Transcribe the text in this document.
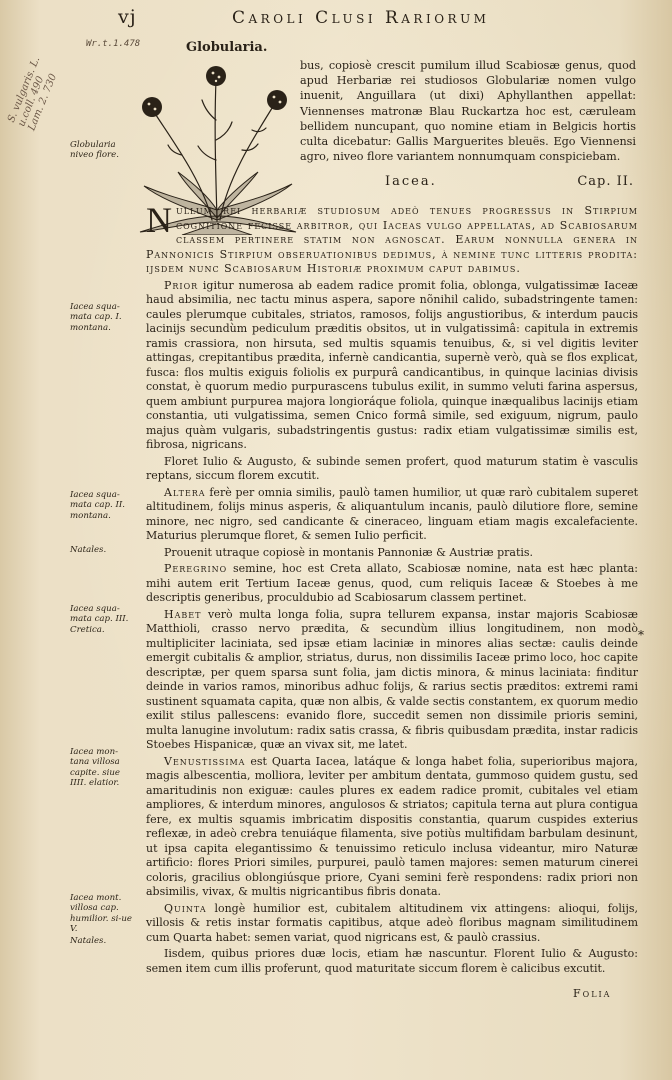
vj	Caroli Clusi Rariorum
Wr.t.1.478
S. vulgaris. L.
u.coll. 490
Lam. 2. 730
Globularia.
Globularia niveo flore.

bus, copiosè crescit pumilum illud Scabiosæ genus, quod apud Herbariæ rei studiosos Globulariæ nomen vulgo inuenit, Anguillara (ut dixi) Aphyllanthen appellat: Viennenses matronæ Blau Ruckartza hoc est, cæruleam bellidem nuncupant, quo nomine etiam in Belgicis hortis culta dicebatur: Gallis Marguerites bleuës. Ego Viennensi agro, niveo flore variantem nonnumquam conspiciebam.

Iacea.	Cap. II.
Iacea squa-mata cap. I. montana.
Iacea squa-mata cap. II. montana.
Natales.
Iacea squa-mata cap. III. Cretica.
Iacea mon-tana villosa capite. siue IIII. elatior.
Iacea mont. villosa cap. humilior. si-ue V.
Natales.

Nullum rei herbariæ studiosum adeò tenues progressus in Stirpium cognitione fecisse arbitror, qui Iaceas vulgo appellatas, ad Scabiosarum classem pertinere statim non agnoscat. Earum nonnulla genera in Pannonicis Stirpium obseruationibus dedimus, à nemine tunc litteris prodita: ijsdem nunc Scabiosarum Historiæ proximum caput dabimus.

Prior igitur numerosa ab eadem radice promit folia, oblonga, vulgatissimæ Iaceæ haud absimilia, nec tactu minus aspera, sapore nõnihil calido, subadstringente tamen: caules plerumque cubitales, striatos, ramosos, folijs angustioribus, & interdum paucis lacinijs secundùm pediculum præditis obsitos, ut in vulgatissimâ: capitula in extremis ramis crassiora, non hirsuta, sed multis squamis tenuibus, &, si vel digitis leviter attingas, crepitantibus prædita, infernè candicantia, supernè verò, quà se flos explicat, fusca: flos multis exiguis foliolis ex purpurâ candicantibus, in quinque lacinias divisis constat, è quorum medio purpurascens tubulus exilit, in summo veluti farina aspersus, quem ambiunt purpurea majora longioráque foliola, quinque inæqualibus lacinijs etiam constantia, uti vulgatissima, semen Cnico formâ simile, sed exiguum, nigrum, paulo majus quàm vulgaris, subadstringentis gustus: radix etiam vulgatissimæ similis est, fibrosa, nigricans.

Floret Iulio & Augusto, & subinde semen profert, quod maturum statim è vasculis reptans, siccum florem excutit.

Altera ferè per omnia similis, paulò tamen humilior, ut quæ rarò cubitalem superet altitudinem, folijs minus asperis, & aliquantulum incanis, paulò dilutiore flore, semine minore, nec nigro, sed candicante & cineraceo, linguam etiam magis excalefaciente. Maturius plerumque floret, & semen Iulio perficit.

Prouenit utraque copiosè in montanis Pannoniæ & Austriæ pratis.

Peregrino semine, hoc est Creta allato, Scabiosæ nomine, nata est hæc planta: mihi autem erit Tertium Iaceæ genus, quod, cum reliquis Iaceæ & Stoebes à me descriptis generibus, proculdubio ad Scabiosarum classem pertinet.

Habet verò multa longa folia, supra tellurem expansa, instar majoris Scabiosæ Matthioli, crasso nervo prædita, & secundùm illius longitudinem, non modò multipliciter laciniata, sed ipsæ etiam laciniæ in minores alias sectæ: caulis deinde emergit cubitalis & amplior, striatus, durus, non dissimilis Iaceæ primo loco, hoc capite descriptæ, per quem sparsa sunt folia, jam dictis minora, & minus laciniata: finditur deinde in varios ramos, minoribus adhuc folijs, & rarius sectis præditos: extremi rami sustinent squamata capita, quæ non albis, & valde sectis constantem, ex quorum medio exilit stilus pallescens: evanido flore, succedit semen non dissimile prioris semini, multa lanugine involutum: radix satis crassa, & fibris quibusdam prædita, instar radicis Stoebes Hispanicæ, quæ an vivax sit, me latet.

Venustissima est Quarta Iacea, latáque & longa habet folia, superioribus majora, magis albescentia, molliora, leviter per ambitum dentata, gummoso quidem gustu, sed amaritudinis non exiguæ: caules plures ex eadem radice promit, cubitales vel etiam ampliores, & interdum minores, angulosos & striatos; capitula terna aut plura contigua fere, ex multis squamis imbricatim dispositis constantia, quarum cuspides exterius reflexæ, in adeò crebra tenuiáque filamenta, sive potiùs multifidam barbulam desinunt, ut ipsa capita elegantissimo & tenuissimo reticulo inclusa videantur, miro Naturæ artificio: flores Priori similes, purpurei, paulò tamen majores: semen maturum cinerei coloris, gracilius oblongiúsque priore, Cyani semini ferè respondens: radix priori non absimilis, vivax, & multis nigricantibus fibris donata.

Quinta longè humilior est, cubitalem altitudinem vix attingens: alioqui, folijs, villosis & retis instar formatis capitibus, atque adeò floribus magnam similitudinem cum Quarta habet: semen variat, quod nigricans est, & paulò crassius.

Iisdem, quibus priores duæ locis, etiam hæ nascuntur. Florent Iulio & Augusto: semen item cum illis proferunt, quod maturitate siccum florem è calicibus excutit.

*
Folia
